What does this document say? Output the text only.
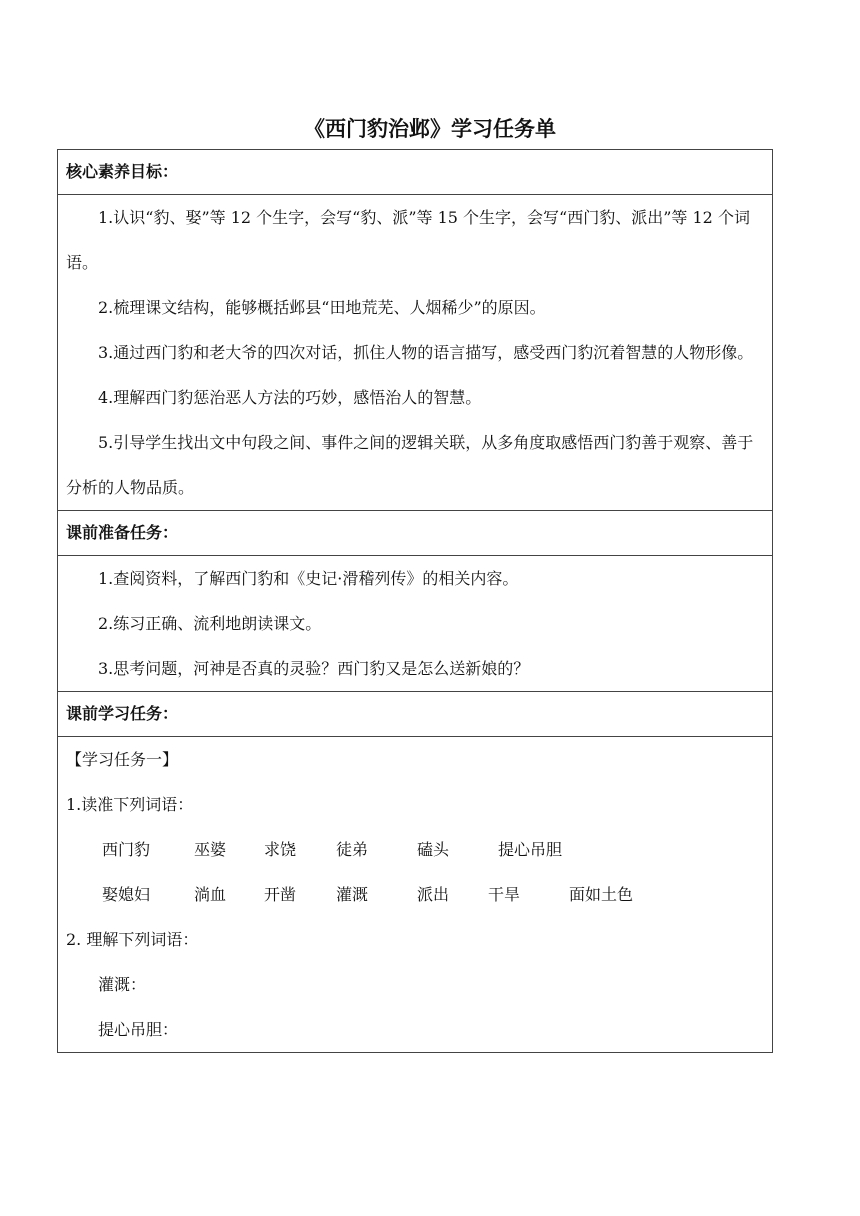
《西门豹治邺》学习任务单
核心素养目标：

1.认识“豹、娶”等 12 个生字，会写“豹、派”等 15 个生字，会写“西门豹、派出”等 12 个词语。

2.梳理课文结构，能够概括邺县“田地荒芜、人烟稀少”的原因。

3.通过西门豹和老大爷的四次对话，抓住人物的语言描写，感受西门豹沉着智慧的人物形像。

4.理解西门豹惩治恶人方法的巧妙，感悟治人的智慧。

5.引导学生找出文中句段之间、事件之间的逻辑关联，从多角度取感悟西门豹善于观察、善于分析的人物品质。

课前准备任务：

1.查阅资料，了解西门豹和《史记·滑稽列传》的相关内容。

2.练习正确、流利地朗读课文。

3.思考问题，河神是否真的灵验？西门豹又是怎么送新娘的？

课前学习任务：

【学习任务一】

1.读准下列词语：

西门豹	巫婆 求饶 徒弟	磕头	提心吊胆

娶媳妇	淌血 开凿 灌溉	派出 干旱	面如土色

2. 理解下列词语：

灌溉：

提心吊胆：
